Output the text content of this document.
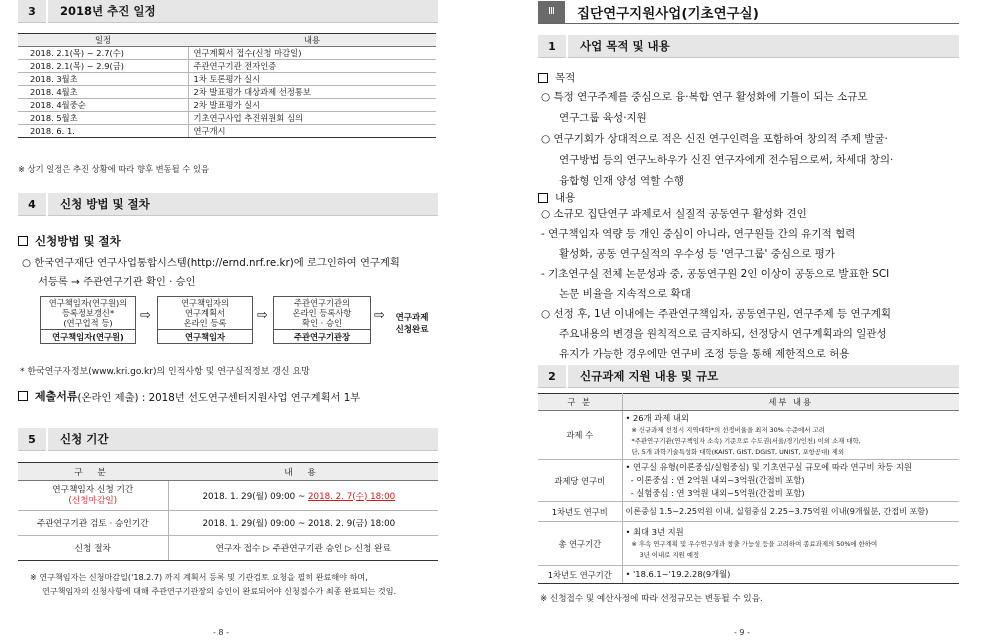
3	2018년 추진 일정
일정	내용
2018. 2.1(목) ~ 2.7(수)	연구계획서 접수(신청 마감일)
2018. 2.1(목) ~ 2.9(금)	주관연구기관 전자인증
2018. 3월초	1차 토론평가 실시
2018. 4월초	2차 발표평가 대상과제 선정통보
2018. 4월중순	2차 발표평가 실시
2018. 5월초	기초연구사업 추진위원회 심의
2018. 6. 1.	연구개시
※ 상기 일정은 추진 상황에 따라 향후 변동될 수 있음
4	신청 방법 및 절차
신청방법 및 절차
○ 한국연구재단 연구사업통합시스템(http://ernd.nrf.re.kr)에 로그인하여 연구계획
서등록 → 주관연구기관 확인 · 승인
연구책임자(연구원)의
등록정보갱신*
(연구업적 등)
연구책임자(연구원)
⇨
연구책임자의
연구계획서
온라인 등록
연구책임자
⇨
주관연구기관의
온라인 등록사항
확인 · 승인
주관연구기관장
⇨	연구과제
신청완료
* 한국연구자정보(www.kri.go.kr)의 인적사항 및 연구실적정보 갱신 요망
제출서류 (온라인 제출) : 2018년 선도연구센터지원사업 연구계획서 1부
5	신청 기간
구 분	내 용

연구책임자 신청 기간
(신청마감일)	2018. 1. 29(월) 09:00 ~ 2018. 2. 7(수) 18:00
주관연구기관 검토 · 승인기간	2018. 1. 29(월) 09:00 ~ 2018. 2. 9(금) 18:00
신청 절차	연구자 접수 ▷ 주관연구기관 승인 ▷ 신청 완료
※ 연구책임자는 신청마감일('18.2.7) 까지 계획서 등록 및 기관검토 요청을 필히 완료해야 하며,
연구책임자의 신청사항에 대해 주관연구기관장의 승인이 완료되어야 신청접수가 최종 완료되는 것임.
- 8 -
Ⅲ	집단연구지원사업(기초연구실)
1	사업 목적 및 내용
목적
○ 특정 연구주제를 중심으로 융·복합 연구 활성화에 기틀이 되는 소규모
연구그룹 육성·지원
○ 연구기회가 상대적으로 적은 신진 연구인력을 포함하여 창의적 주제 발굴·
연구방법 등의 연구노하우가 신진 연구자에게 전수됨으로써, 차세대 창의·
융합형 인재 양성 역할 수행
내용
○ 소규모 집단연구 과제로서 실질적 공동연구 활성화 견인
- 연구책임자 역량 등 개인 중심이 아니라, 연구원들 간의 유기적 협력
활성화, 공동 연구실적의 우수성 등 '연구그룹' 중심으로 평가
- 기초연구실 전체 논문성과 중, 공동연구원 2인 이상이 공동으로 발표한 SCI
논문 비율을 지속적으로 확대
○ 선정 후, 1년 이내에는 주관연구책임자, 공동연구원, 연구주제 등 연구계획
주요내용의 변경을 원칙적으로 금지하되, 선정당시 연구계획과의 일관성
유지가 가능한 경우에만 연구비 조정 등을 통해 제한적으로 허용
2	신규과제 지원 내용 및 규모
구 분	세부 내용
과제 수	• 26개 과제 내외
※ 신규과제 선정시 지역대학*의 선정비율을 최저 30% 수준에서 고려
*주관연구기관(연구책임자 소속) 기준으로 수도권(서울/경기/인천) 이외 소재 대학,
단, 5개 과학기술특성화 대학(KAIST, GIST, DGIST, UNIST, 포항공대) 제외

과제당 연구비	• 연구실 유형(이론중심/실험중심) 및 기초연구실 규모에 따라 연구비 차등 지원
- 이론중심 : 연 2억원 내외~3억원(간접비 포함)
- 실험중심 : 연 3억원 내외~5억원(간접비 포함)

1차년도 연구비	이론중심 1.5~2.25억원 이내, 실험중심 2.25~3.75억원 이내(9개월분, 간접비 포함)

총 연구기간	• 최대 3년 지원
※ 후속 연구계획 및 우수연구성과 창출 가능성 등을 고려하여 종료과제의 50%에 한하여
3년 이내로 지원 예정

1차년도 연구기간	• '18.6.1~'19.2.28(9개월)
※ 신청접수 및 예산사정에 따라 선정규모는 변동될 수 있음.
- 9 -
